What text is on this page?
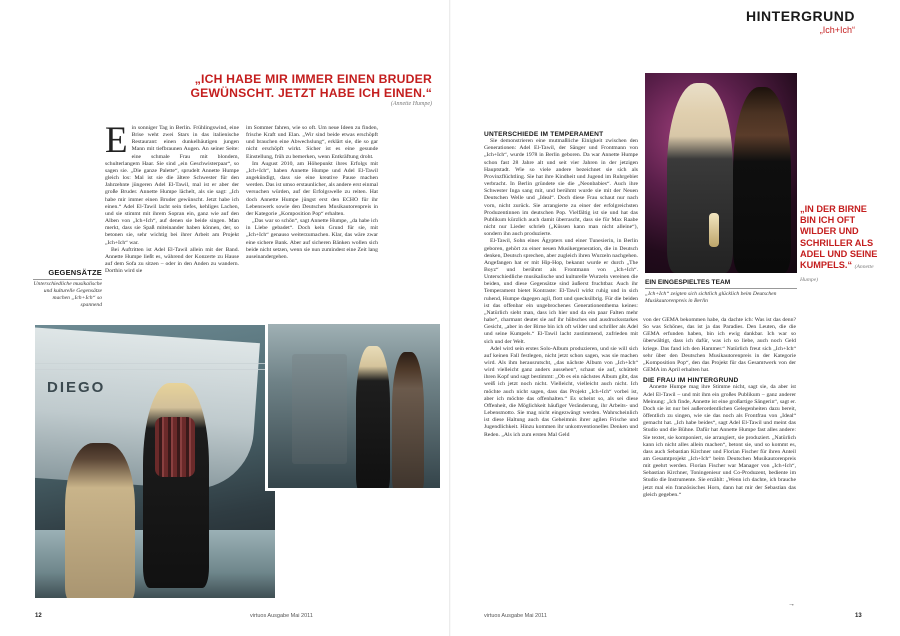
„ICH HABE MIR IMMER EINEN BRUDER GEWÜNSCHT. JETZT HABE ICH EINEN.“
(Annette Humpe)

Ein sonniger Tag in Berlin. Frühlingswind, eine Brise weht zwei Stars in das italienische Restaurant: einen dunkelhäutigen jungen Mann mit tiefbraunen Augen. An seiner Seite: eine schmale Frau mit blondem, schulterlangem Haar. Sie sind „ein Geschwisterpaar“, so sagen sie. „Die ganze Palette“, sprudelt Annette Humpe gleich los: Mal ist sie die ältere Schwester für den Jahrzehnte jüngeren Adel El-Tawil, mal ist er aber der große Bruder. Annette Humpe lächelt, als sie sagt: „Ich habe mir immer einen Bruder gewünscht. Jetzt habe ich einen.“ Adel El-Tawil lacht sein tiefes, kehliges Lachen, und sie stimmt mit ihrem Sopran ein, ganz wie auf den Alben von „Ich+Ich“, auf denen sie beide singen. Man merkt, dass sie Spaß miteinander haben können, der, so betonen sie, sehr wichtig bei ihrer Arbeit am Projekt „Ich+Ich“ war.

Bei Auftritten ist Adel El-Tawil allein mit der Band. Annette Humpe ließt es, während der Konzerte zu Hause auf dem Sofa zu sitzen – oder in den Anden zu wandern. Dorthin wird sie

im Sommer fahren, wie so oft. Um neue Ideen zu finden, frische Kraft und Elan. „Wir sind beide etwas erschöpft und brauchen eine Abwechslung“, erklärt sie, die so gar nicht erschöpft wirkt. Sicher ist es eine gesunde Einstellung, früh zu bemerken, wenn Entkräftung droht.

Im August 2010, am Höhepunkt ihres Erfolgs mit „Ich+Ich“, haben Annette Humpe und Adel El-Tawil angekündigt, dass sie eine kreative Pause machen werden. Das ist umso erstaunlicher, als andere erst einmal versuchen würden, auf der Erfolgswelle zu reiten. Hat doch Annette Humpe jüngst erst den ECHO für ihr Lebenswerk sowie den Deutschen Musikautorenpreis in der Kategorie „Komposition Pop“ erhalten.

„Das war so schön“, sagt Annette Humpe, „da habe ich in Liebe gebadet“. Doch kein Grund für sie, mit „Ich+Ich“ genauso weiterzumachen. Klar, das wäre zwar eine sichere Bank. Aber auf sicheren Bänken wollen sich beide nicht setzen, wenn sie nun zumindest eine Zeit lang auseinandergehen.

GEGENSÄTZE
Unterschiedliche musikalische und kulturelle Gegensätze machen „Ich+Ich“ so spannend
DIEGO
12	virtuos Ausgabe Mai 2011
HINTERGRUND
„Ich+Ich“

UNTERSCHIEDE IM TEMPERAMENT

Sie demonstrieren eine mutmaßliche Einigkeit zwischen den Generationen: Adel El-Tawil, der Sänger und Frontmann von „Ich+Ich“, wurde 1978 in Berlin geboren. Da war Annette Humpe schon fast 28 Jahre alt und seit vier Jahren in der jetzigen Hauptstadt. Wie so viele andere bezeichnet sie sich als Provinzflüchtling. Sie hat ihre Kindheit und Jugend im Ruhrgebiet verbracht. In Berlin gründete sie die „Neonbabies“. Auch ihre Schwester Inga sang mit, und berühmt wurde sie mit der Neuen Deutschen Welle und „Ideal“. Doch diese Frau schaut nur nach vorn, nicht zurück. Sie arrangierte zu einer der erfolgreichsten Produzentinnen im deutschen Pop. Vielfältig ist sie und hat das Publikum kürzlich auch damit überrascht, dass sie für Max Raabe nicht nur Lieder schrieb („Küssen kann man nicht alleine“), sondern ihn auch produzierte.

El-Tawil, Sohn eines Ägypters und einer Tunesierin, in Berlin geboren, gehört zu einer neuen Musikergeneration, die in Deutsch denken, Deutsch sprechen, aber zugleich ihren Wurzeln nachgehen. Angefangen hat er mit Hip-Hop, bekannt wurde er durch „The Boyz“ und berühmt als Frontmann von „Ich+Ich“. Unterschiedliche musikalische und kulturelle Wurzeln vereinen die beiden, und diese Gegensätze sind äußerst fruchtbar. Auch ihr Temperament bietet Kontraste: El-Tawil wirkt ruhig und in sich ruhend, Humpe dagegen agil, flott und quecksilbrig. Für die beiden ist das offenbar ein ungebrochenes Generationenthema keines: „Natürlich sieht man, dass ich hier und da ein paar Falten mehr habe“, charmant deutet sie auf ihr hübsches und ausdrucksstarkes Gesicht, „aber in der Birne bin ich oft wilder und schriller als Adel und seine Kumpels.“ El-Tawil lacht zustimmend, zufrieden mit sich und der Welt.

Adel wird sein erstes Solo-Album produzieren, und sie will sich auf keinen Fall festlegen, nicht jetzt schon sagen, was sie machen wird. Als ihm herausrutscht, „das nächste Album von „Ich+Ich“ wird vielleicht ganz anders aussehen“, schaut sie auf, schüttelt ihren Kopf und sagt bestimmt: „Ob es ein nächstes Album gibt, das weiß ich jetzt noch nicht. Vielleicht, vielleicht auch nicht. Ich möchte auch nicht sagen, dass das Projekt „Ich+Ich“ vorbei ist, aber ich möchte das offenhalten.“ Es scheint so, als sei diese Offenheit, die Möglichkeit häufiger Veränderung, ihr Arbeits- und Lebensmotto. Sie mag nicht eingezwängt werden. Wahrscheinlich ist diese Haltung auch das Geheimnis ihrer agilen Frische und Jugendlichkeit. Hinzu kommen ihr unkomventionelles Denken und Reden. „Als ich zum ersten Mal Geld

EIN EINGESPIELTES TEAM
„Ich+Ich“ zeigten sich sichtlich glücklich beim Deutschen Musikautorenpreis in Berlin

von der GEMA bekommen habe, da dachte ich: Was ist das denn? So was Schönes, das ist ja das Paradies. Den Leuten, die die GEMA erfunden haben, bin ich ewig dankbar. Ich war so überwältigt, dass ich dafür, was ich so liebe, auch noch Geld kriege. Das fand ich den Hammer.“ Natürlich freut sich „Ich+Ich“ sehr über den Deutschen Musikautorenpreis in der Kategorie „Komposition Pop“, den das Projekt für das Gesamtwerk von der GEMA im April erhalten hat.

DIE FRAU IM HINTERGRUND

Annette Humpe mag ihre Stimme nicht, sagt sie, da aber ist Adel El-Tawil – und mit ihm ein großes Publikum – ganz anderer Meinung: „Ich finde, Annette ist eine großartige Sängerin“, sagt er. Doch sie ist nur bei außerordentlichen Gelegenheiten dazu bereit, öffentlich zu singen, wie sie das noch als Frontfrau von „Ideal“ gemacht hat. „Ich habe beides“, sagt Adel El-Tawil und meint das Studio und die Bühne. Dafür hat Annette Humpe fast alles andere: Sie textet, sie komponiert, sie arrangiert, sie produziert. „Natürlich kann ich nicht alles allein machen“, betont sie, und so kommt es, dass auch Sebastian Kirchner und Florian Fischer für ihren Anteil am Gesamtprojekt „Ich+Ich“ beim Deutschen Musikautorenpreis mit geehrt werden. Florian Fischer war Manager von „Ich+Ich“, Sebastian Kirchner, Toningenieur und Co-Produzent, bediente im Studio die Instrumente. Sie erzählt: „Wenn ich dachte, ich brauche jetzt mal ein französisches Horn, dann hat mir der Sebastian das gleich gegeben.“

„IN DER BIRNE BIN ICH OFT WILDER UND SCHRILLER ALS ADEL UND SEINE KUMPELS.“ (Annette Humpe)
→
virtuos Ausgabe Mai 2011	13
